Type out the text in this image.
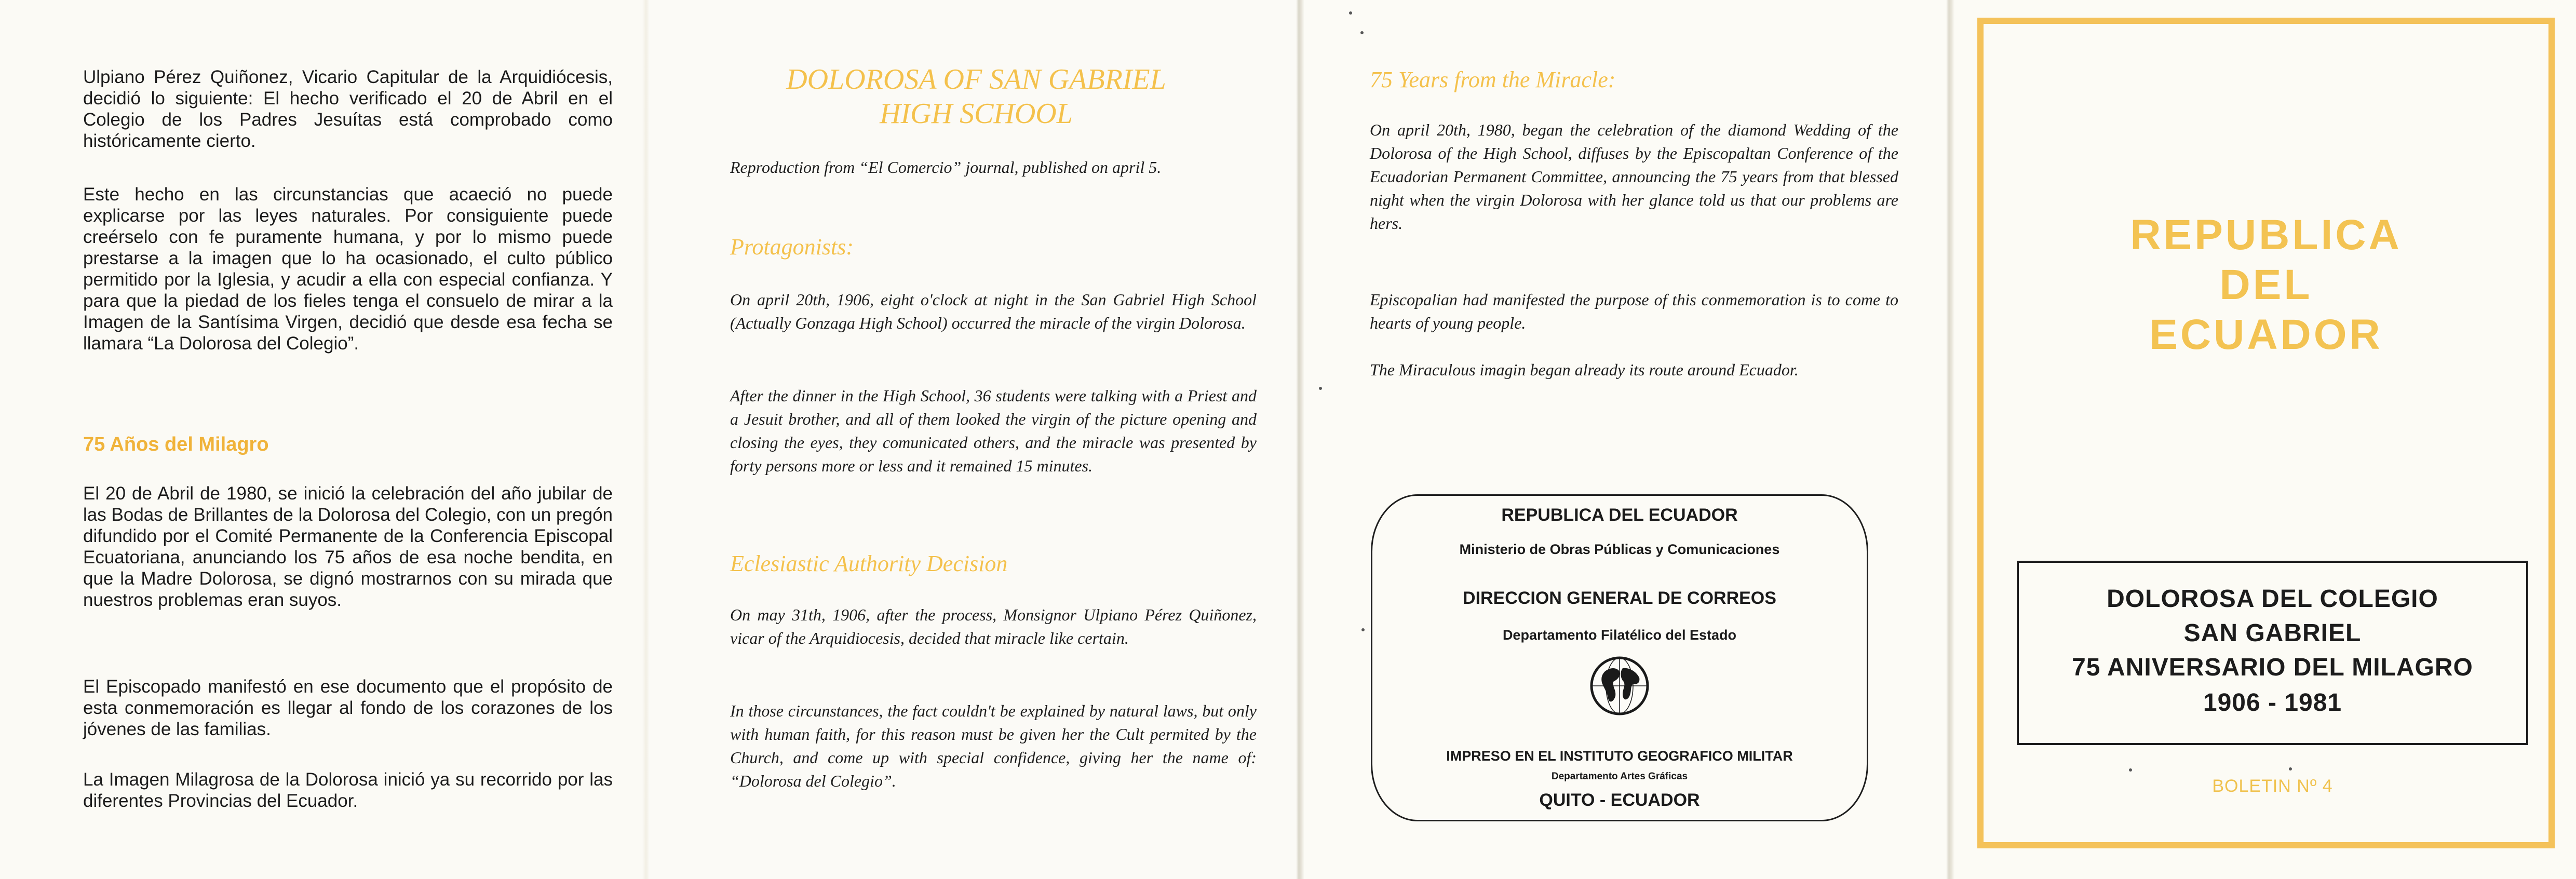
Ulpiano Pérez Quiñonez, Vicario Capitular de la Arquidiócesis, decidió lo siguiente: El hecho verificado el 20 de Abril en el Colegio de los Padres Jesuítas está comprobado como históricamente cierto.

Este hecho en las circunstancias que acaeció no puede explicarse por las leyes naturales. Por consiguiente puede creérselo con fe puramente humana, y por lo mismo puede prestarse a la imagen que lo ha ocasionado, el culto público permitido por la Iglesia, y acudir a ella con especial confianza. Y para que la piedad de los fieles tenga el consuelo de mirar a la Imagen de la Santísima Virgen, decidió que desde esa fecha se llamara “La Dolorosa del Colegio”.

75 Años del Milagro

El 20 de Abril de 1980, se inició la celebración del año jubilar de las Bodas de Brillantes de la Dolorosa del Colegio, con un pregón difundido por el Comité Permanente de la Conferencia Episcopal Ecuatoriana, anunciando los 75 años de esa noche bendita, en que la Madre Dolorosa, se dignó mostrarnos con su mirada que nuestros problemas eran suyos.

El Episcopado manifestó en ese documento que el propósito de esta conmemoración es llegar al fondo de los corazones de los jóvenes de las familias.

La Imagen Milagrosa de la Dolorosa inició ya su recorrido por las diferentes Provincias del Ecuador.

DOLOROSA OF SAN GABRIEL
HIGH SCHOOL

Reproduction from “El Comercio” journal, published on april 5.

Protagonists:

On april 20th, 1906, eight o'clock at night in the San Gabriel High School (Actually Gonzaga High School) occurred the miracle of the virgin Dolorosa.

After the dinner in the High School, 36 students were talking with a Priest and a Jesuit brother, and all of them looked the virgin of the picture opening and closing the eyes, they comunicated others, and the miracle was presented by forty persons more or less and it remained 15 minutes.

Eclesiastic Authority Decision

On may 31th, 1906, after the process, Monsignor Ulpiano Pérez Quiñonez, vicar of the Arquidiocesis, decided that miracle like certain.

In those circunstances, the fact couldn't be explained by natural laws, but only with human faith, for this reason must be given her the Cult permited by the Church, and come up with special confidence, giving her the name of: “Dolorosa del Colegio”.

75 Years from the Miracle:

On april 20th, 1980, began the celebration of the diamond Wedding of the Dolorosa of the High School, diffuses by the Episcopaltan Conference of the Ecuadorian Permanent Committee, announcing the 75 years from that blessed night when the virgin Dolorosa with her glance told us that our problems are hers.

Episcopalian had manifested the purpose of this conmemoration is to come to hearts of young people.

The Miraculous imagin began already its route around Ecuador.

REPUBLICA DEL ECUADOR

Ministerio de Obras Públicas y Comunicaciones

DIRECCION GENERAL DE CORREOS

Departamento Filatélico del Estado

IMPRESO EN EL INSTITUTO GEOGRAFICO MILITAR

Departamento Artes Gráficas

QUITO - ECUADOR

REPUBLICA
DEL
ECUADOR

DOLOROSA DEL COLEGIO

SAN GABRIEL

75 ANIVERSARIO DEL MILAGRO

1906 - 1981

BOLETIN Nº 4
